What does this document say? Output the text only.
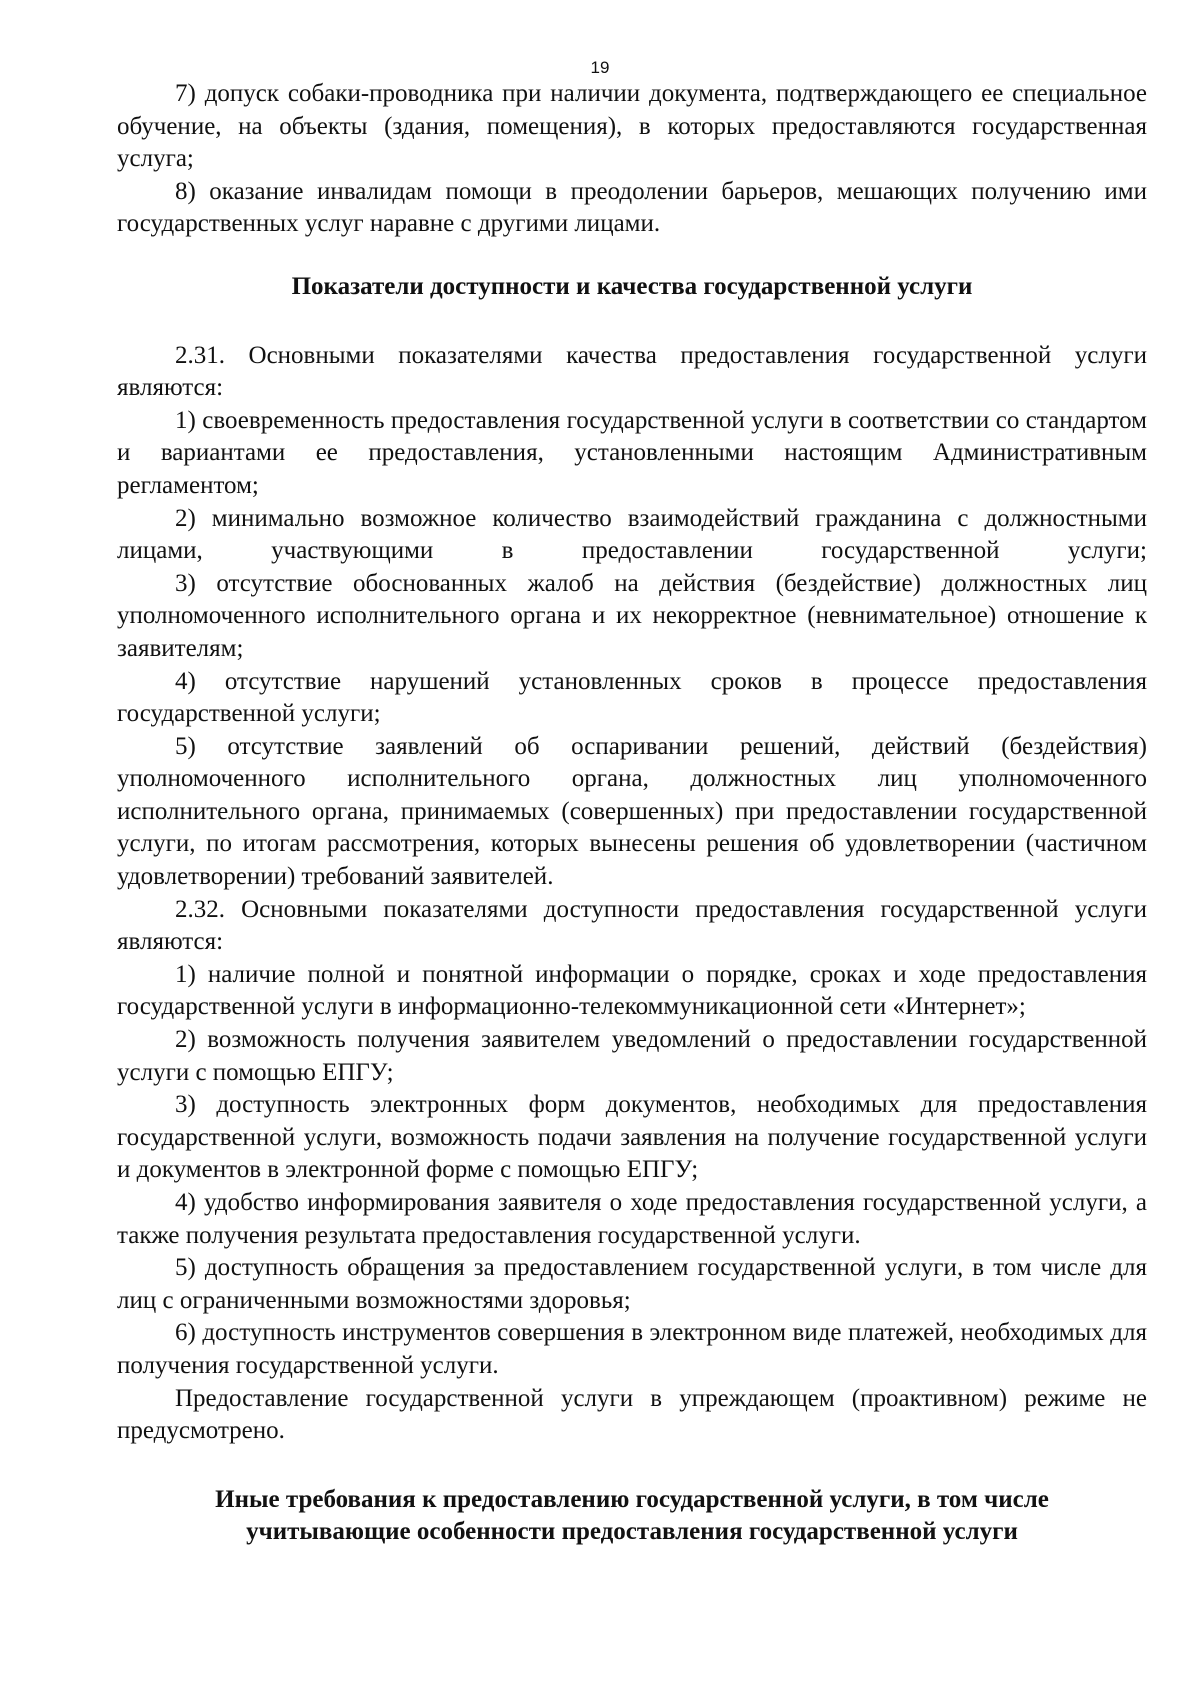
19

7) допуск собаки-проводника при наличии документа, подтверждающего ее специальное обучение, на объекты (здания, помещения), в которых предоставляются государственная услуга;

8) оказание инвалидам помощи в преодолении барьеров, мешающих получению ими государственных услуг наравне с другими лицами.

Показатели доступности и качества государственной услуги

2.31. Основными показателями качества предоставления государственной услуги являются:

1) своевременность предоставления государственной услуги в соответствии со стандартом и вариантами ее предоставления, установленными настоящим Административным регламентом;

2) минимально возможное количество взаимодействий гражданина с должностными лицами, участвующими в предоставлении государственной услуги;

3) отсутствие обоснованных жалоб на действия (бездействие) должностных лиц уполномоченного исполнительного органа и их некорректное (невнимательное) отношение к заявителям;

4) отсутствие нарушений установленных сроков в процессе предоставления государственной услуги;

5) отсутствие заявлений об оспаривании решений, действий (бездействия) уполномоченного исполнительного органа, должностных лиц уполномоченного исполнительного органа, принимаемых (совершенных) при предоставлении государственной услуги, по итогам рассмотрения, которых вынесены решения об удовлетворении (частичном удовлетворении) требований заявителей.

2.32. Основными показателями доступности предоставления государственной услуги являются:

1) наличие полной и понятной информации о порядке, сроках и ходе предоставления государственной услуги в информационно-телекоммуникационной сети «Интернет»;

2) возможность получения заявителем уведомлений о предоставлении государственной услуги с помощью ЕПГУ;

3) доступность электронных форм документов, необходимых для предоставления государственной услуги, возможность подачи заявления на получение государственной услуги и документов в электронной форме с помощью ЕПГУ;

4) удобство информирования заявителя о ходе предоставления государственной услуги, а также получения результата предоставления государственной услуги.

5) доступность обращения за предоставлением государственной услуги, в том числе для лиц с ограниченными возможностями здоровья;

6) доступность инструментов совершения в электронном виде платежей, необходимых для получения государственной услуги.

Предоставление государственной услуги в упреждающем (проактивном) режиме не предусмотрено.

Иные требования к предоставлению государственной услуги, в том числе
учитывающие особенности предоставления государственной услуги
